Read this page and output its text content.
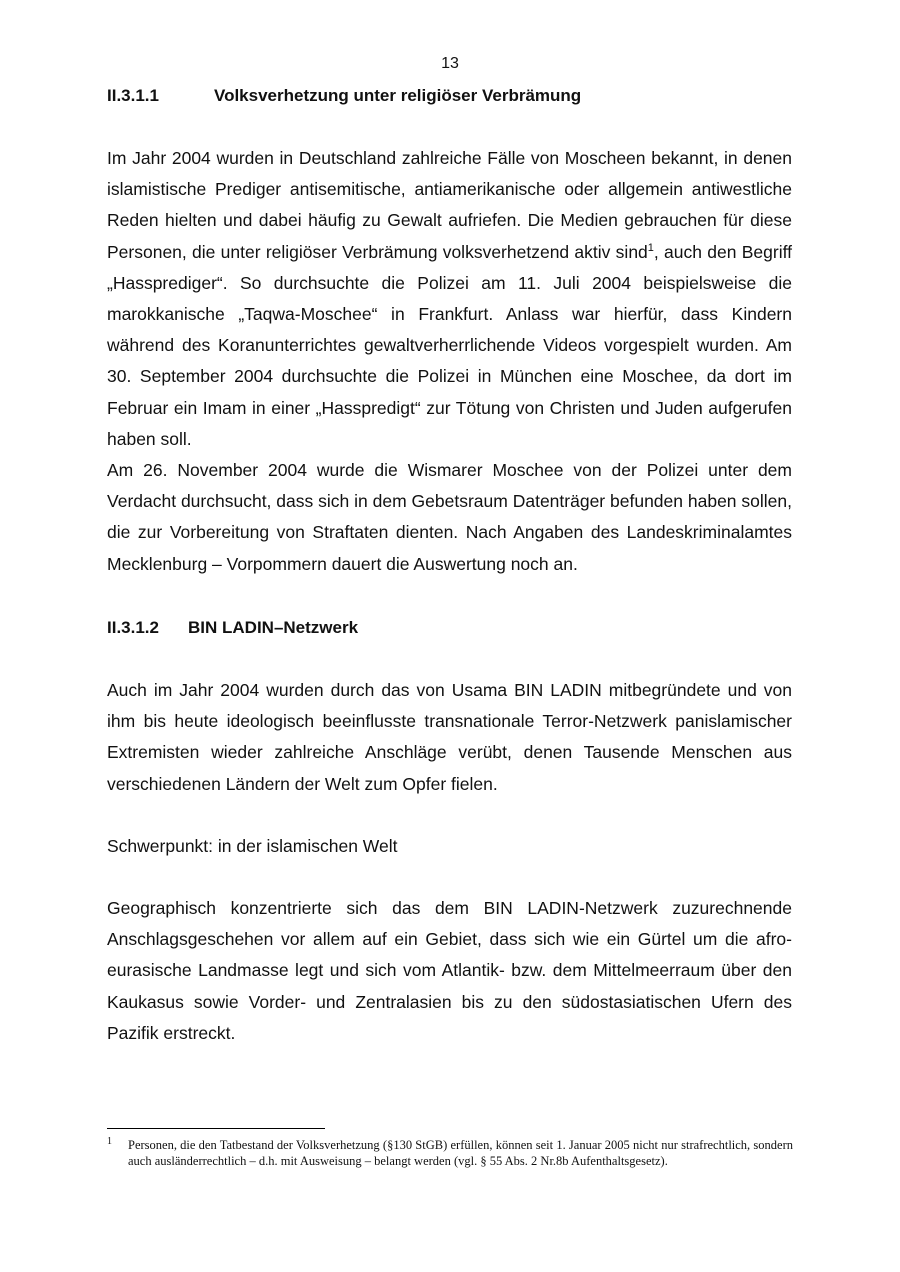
13
II.3.1.1	Volksverhetzung unter religiöser Verbrämung

Im Jahr 2004 wurden in Deutschland zahlreiche Fälle von Moscheen bekannt, in denen islamistische Prediger antisemitische, antiamerikanische oder allgemein antiwestliche Reden hielten und dabei häufig zu Gewalt aufriefen. Die Medien gebrauchen für diese Personen, die unter religiöser Verbrämung volksverhetzend aktiv sind$^1$, auch den Begriff „Hassprediger“. So durchsuchte die Polizei am 11. Juli 2004 beispielsweise die marokkanische „Taqwa-Moschee“ in Frankfurt. Anlass war hierfür, dass Kindern während des Koranunterrichtes gewaltverherrlichende Videos vorgespielt wurden. Am 30. September 2004 durchsuchte die Polizei in München eine Moschee, da dort im Februar ein Imam in einer „Hasspredigt“ zur Tötung von Christen und Juden aufgerufen haben soll.

Am 26. November 2004 wurde die Wismarer Moschee von der Polizei unter dem Verdacht durchsucht, dass sich in dem Gebetsraum Datenträger befunden haben sollen, die zur Vorbereitung von Straftaten dienten. Nach Angaben des Landeskriminalamtes Mecklenburg – Vorpommern dauert die Auswertung noch an.

II.3.1.2 BIN LADIN–Netzwerk

Auch im Jahr 2004 wurden durch das von Usama BIN LADIN mitbegründete und von ihm bis heute ideologisch beeinflusste transnationale Terror-Netzwerk panislamischer Extremisten wieder zahlreiche Anschläge verübt, denen Tausende Menschen aus verschiedenen Ländern der Welt zum Opfer fielen.

Schwerpunkt: in der islamischen Welt

Geographisch konzentrierte sich das dem BIN LADIN-Netzwerk zuzurechnende Anschlagsgeschehen vor allem auf ein Gebiet, dass sich wie ein Gürtel um die afro-eurasische Landmasse legt und sich vom Atlantik- bzw. dem Mittelmeerraum über den Kaukasus sowie Vorder- und Zentralasien bis zu den südostasiatischen Ufern des Pazifik erstreckt.

1 Personen, die den Tatbestand der Volksverhetzung (§130 StGB) erfüllen, können seit 1. Januar 2005 nicht nur strafrechtlich, sondern auch ausländerrechtlich – d.h. mit Ausweisung – belangt werden (vgl. § 55 Abs. 2 Nr.8b Aufenthaltsgesetz).
